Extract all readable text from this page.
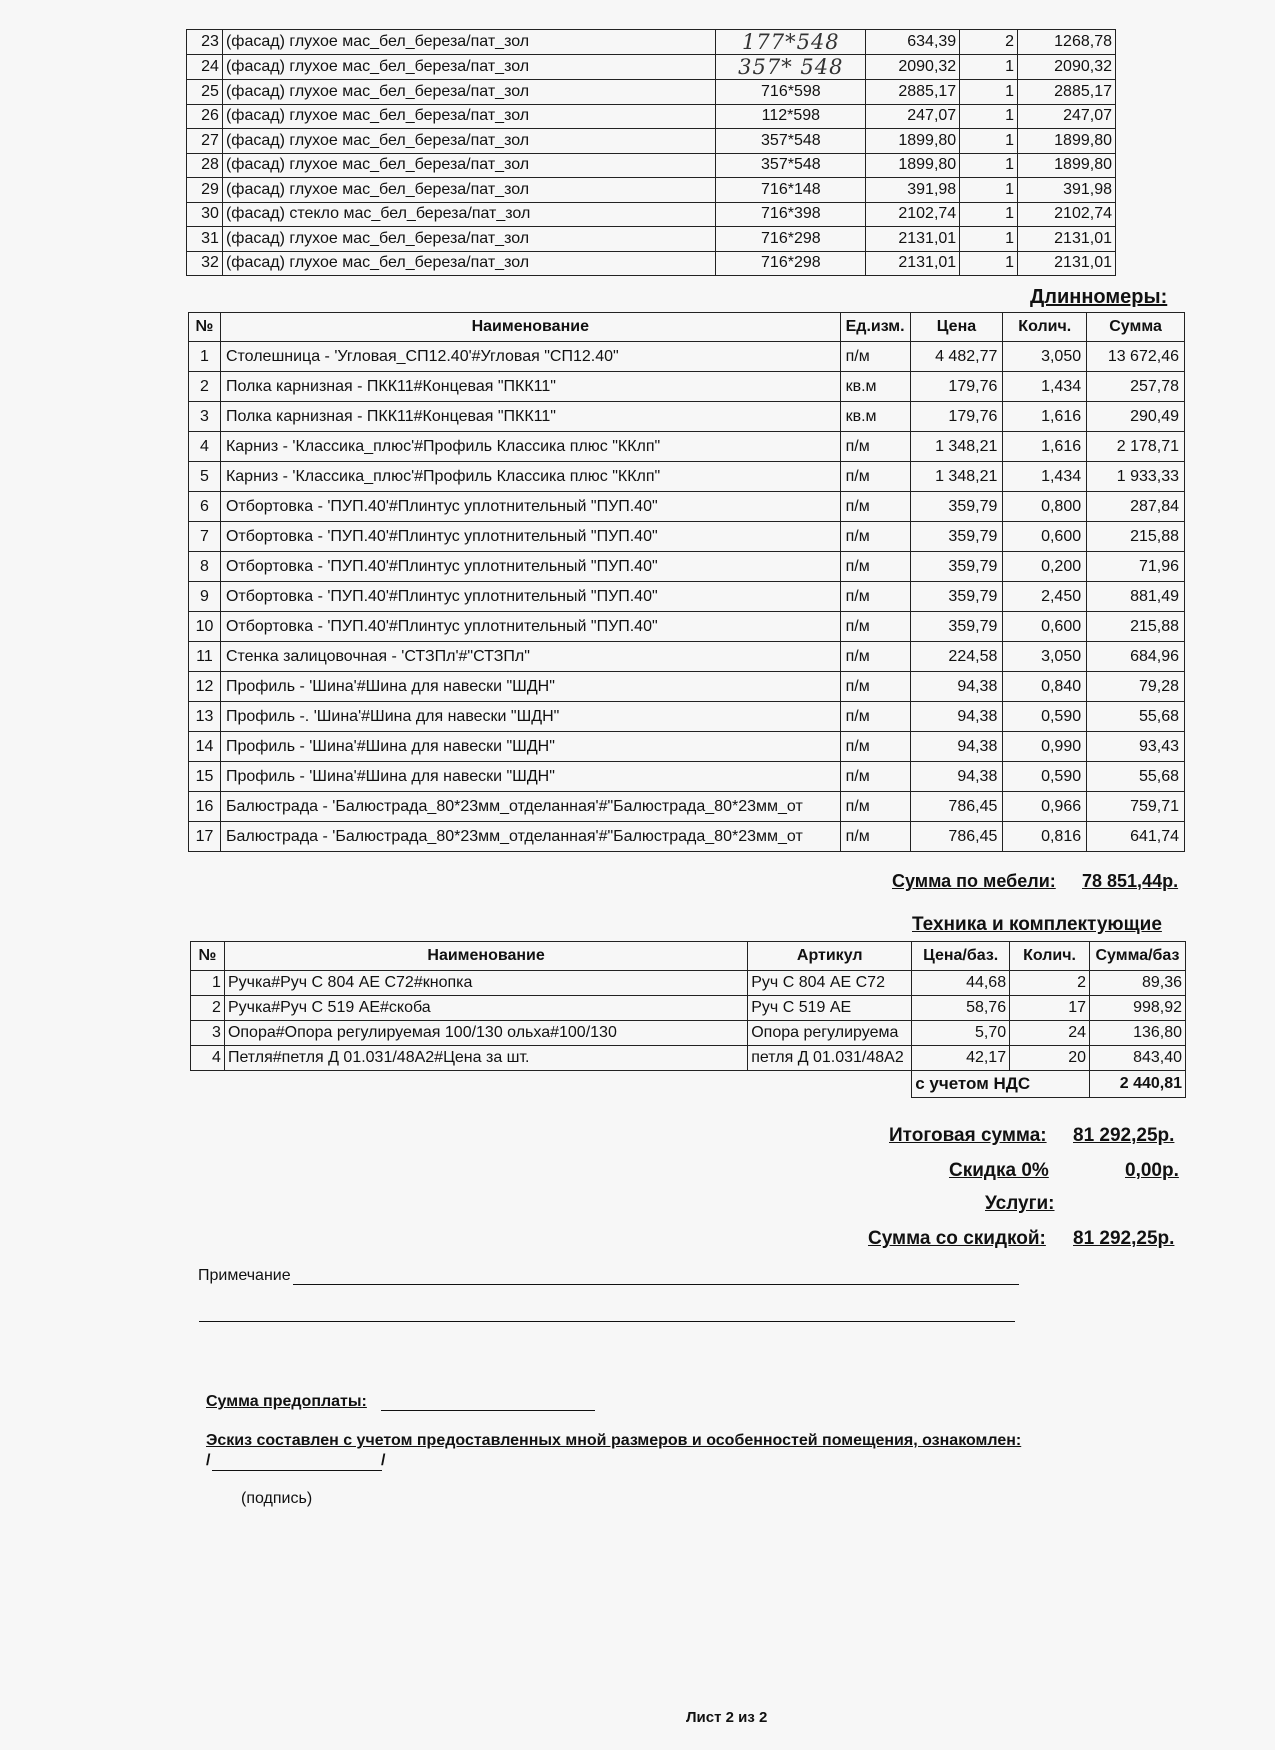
23	(фасад) глухое мас_бел_береза/пат_зол	177*548	634,39	2	1268,78
24	(фасад) глухое мас_бел_береза/пат_зол	357* 548	2090,32	1	2090,32
25	(фасад) глухое мас_бел_береза/пат_зол	716*598	2885,17	1	2885,17
26	(фасад) глухое мас_бел_береза/пат_зол	112*598	247,07	1	247,07
27	(фасад) глухое мас_бел_береза/пат_зол	357*548	1899,80	1	1899,80
28	(фасад) глухое мас_бел_береза/пат_зол	357*548	1899,80	1	1899,80
29	(фасад) глухое мас_бел_береза/пат_зол	716*148	391,98	1	391,98
30	(фасад) стекло мас_бел_береза/пат_зол	716*398	2102,74	1	2102,74
31	(фасад) глухое мас_бел_береза/пат_зол	716*298	2131,01	1	2131,01
32	(фасад) глухое мас_бел_береза/пат_зол	716*298	2131,01	1	2131,01
Длинномеры:
№	Наименование	Ед.изм.	Цена	Колич.	Сумма
1	Столешница - 'Угловая_СП12.40'#Угловая "СП12.40"	п/м	4 482,77	3,050	13 672,46
2	Полка карнизная - ПКК11#Концевая "ПКК11"	кв.м	179,76	1,434	257,78
3	Полка карнизная - ПКК11#Концевая "ПКК11"	кв.м	179,76	1,616	290,49
4	Карниз - 'Классика_плюс'#Профиль Классика плюс "ККлп"	п/м	1 348,21	1,616	2 178,71
5	Карниз - 'Классика_плюс'#Профиль Классика плюс "ККлп"	п/м	1 348,21	1,434	1 933,33
6	Отбортовка - 'ПУП.40'#Плинтус уплотнительный "ПУП.40"	п/м	359,79	0,800	287,84
7	Отбортовка - 'ПУП.40'#Плинтус уплотнительный "ПУП.40"	п/м	359,79	0,600	215,88
8	Отбортовка - 'ПУП.40'#Плинтус уплотнительный "ПУП.40"	п/м	359,79	0,200	71,96
9	Отбортовка - 'ПУП.40'#Плинтус уплотнительный "ПУП.40"	п/м	359,79	2,450	881,49
10	Отбортовка - 'ПУП.40'#Плинтус уплотнительный "ПУП.40"	п/м	359,79	0,600	215,88
11	Стенка залицовочная - 'СТЗПл'#"СТЗПл"	п/м	224,58	3,050	684,96
12	Профиль - 'Шина'#Шина для навески "ШДН"	п/м	94,38	0,840	79,28
13	Профиль -. 'Шина'#Шина для навески "ШДН"	п/м	94,38	0,590	55,68
14	Профиль - 'Шина'#Шина для навески "ШДН"	п/м	94,38	0,990	93,43
15	Профиль - 'Шина'#Шина для навески "ШДН"	п/м	94,38	0,590	55,68
16	Балюстрада - 'Балюстрада_80*23мм_отделанная'#"Балюстрада_80*23мм_от	п/м	786,45	0,966	759,71
17	Балюстрада - 'Балюстрада_80*23мм_отделанная'#"Балюстрада_80*23мм_от	п/м	786,45	0,816	641,74
Сумма по мебели: 78 851,44р.
Техника и комплектующие
№	Наименование	Артикул	Цена/баз.	Колич.	Сумма/баз
1	Ручка#Руч С 804 АЕ С72#кнопка	Руч С 804 АЕ С72	44,68	2	89,36
2	Ручка#Руч С 519 АЕ#скоба	Руч С 519 АЕ	58,76	17	998,92
3	Опора#Опора регулируемая 100/130 ольха#100/130	Опора регулируема	5,70	24	136,80
4	Петля#петля Д 01.031/48А2#Цена за шт.	петля Д 01.031/48А2	42,17	20	843,40
			с учетом НДС		2 440,81
Итоговая сумма: 81 292,25р.
Скидка 0%	0,00р.
Услуги:
Сумма со скидкой: 81 292,25р.
Примечание
Сумма предоплаты:
Эскиз составлен с учетом предоставленных мной размеров и особенностей помещения, ознакомлен:
/	/
(подпись)
Лист 2 из 2
